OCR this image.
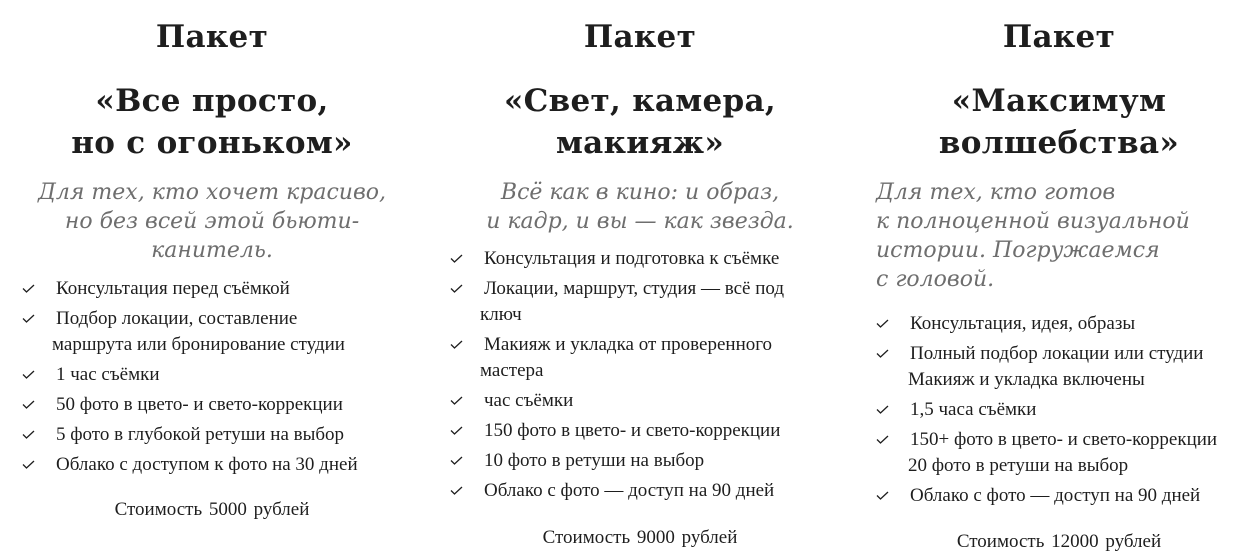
Пакет
«Все просто,
но с огоньком»
Для тех, кто хочет красиво,
но без всей этой бьюти-
канитель.
Консультация перед съёмкой
Подбор локации, составление
маршрута или бронирование студии
1 час съёмки
50 фото в цвето- и свето-коррекции
5 фото в глубокой ретуши на выбор
Облако с доступом к фото на 30 дней
Стоимость 5000 рублей
Пакет
«Свет, камера,
макияж»
Всё как в кино: и образ,
и кадр, и вы — как звезда.
Консультация и подготовка к съёмке
Локации, маршрут, студия — всё под
ключ
Макияж и укладка от проверенного
мастера
час съёмки
150 фото в цвето- и свето-коррекции
10 фото в ретуши на выбор
Облако с фото — доступ на 90 дней
Стоимость 9000 рублей
Пакет
«Максимум
волшебства»
Для тех, кто готов
к полноценной визуальной
истории. Погружаемся
с головой.
Консультация, идея, образы
Полный подбор локации или студии
Макияж и укладка включены
1,5 часа съёмки
150+ фото в цвето- и свето-коррекции
20 фото в ретуши на выбор
Облако с фото — доступ на 90 дней
Стоимость 12000 рублей
